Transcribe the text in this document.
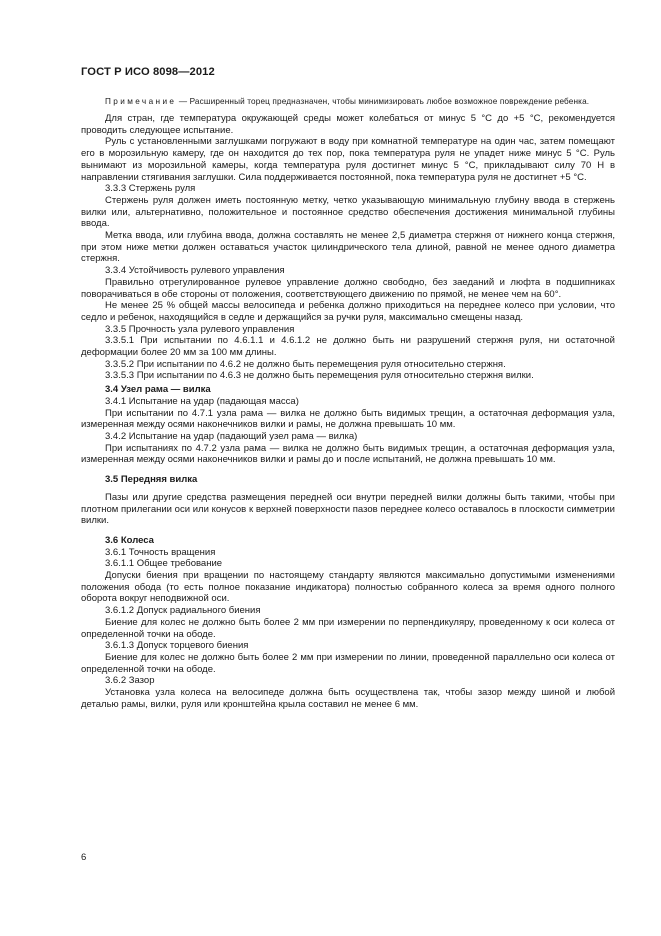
ГОСТ Р ИСО 8098—2012

Примечание — Расширенный торец предназначен, чтобы минимизировать любое возможное повреждение ребенка.

Для стран, где температура окружающей среды может колебаться от минус 5 °С до +5 °С, рекомендуется проводить следующее испытание.

Руль с установленными заглушками погружают в воду при комнатной температуре на один час, затем помещают его в морозильную камеру, где он находится до тех пор, пока температура руля не упадет ниже минус 5 °С. Руль вынимают из морозильной камеры, когда температура руля достигнет минус 5 °С, прикладывают силу 70 Н в направлении стягивания заглушки. Сила поддерживается постоянной, пока температура руля не достигнет +5 °С.

3.3.3 Стержень руля

Стержень руля должен иметь постоянную метку, четко указывающую минимальную глубину ввода в стержень вилки или, альтернативно, положительное и постоянное средство обеспечения достижения минимальной глубины ввода.

Метка ввода, или глубина ввода, должна составлять не менее 2,5 диаметра стержня от нижнего конца стержня, при этом ниже метки должен оставаться участок цилиндрического тела длиной, равной не менее одного диаметра стержня.

3.3.4 Устойчивость рулевого управления

Правильно отрегулированное рулевое управление должно свободно, без заеданий и люфта в подшипниках поворачиваться в обе стороны от положения, соответствующего движению по прямой, не менее чем на 60°.

Не менее 25 % общей массы велосипеда и ребенка должно приходиться на переднее колесо при условии, что седло и ребенок, находящийся в седле и держащийся за ручки руля, максимально смещены назад.

3.3.5 Прочность узла рулевого управления

3.3.5.1 При испытании по 4.6.1.1 и 4.6.1.2 не должно быть ни разрушений стержня руля, ни остаточной деформации более 20 мм за 100 мм длины.

3.3.5.2 При испытании по 4.6.2 не должно быть перемещения руля относительно стержня.

3.3.5.3 При испытании по 4.6.3 не должно быть перемещения руля относительно стержня вилки.

3.4 Узел рама — вилка

3.4.1 Испытание на удар (падающая масса)

При испытании по 4.7.1 узла рама — вилка не должно быть видимых трещин, а остаточная деформация узла, измеренная между осями наконечников вилки и рамы, не должна превышать 10 мм.

3.4.2 Испытание на удар (падающий узел рама — вилка)

При испытаниях по 4.7.2 узла рама — вилка не должно быть видимых трещин, а остаточная деформация узла, измеренная между осями наконечников вилки и рамы до и после испытаний, не должна превышать 10 мм.

3.5 Передняя вилка

Пазы или другие средства размещения передней оси внутри передней вилки должны быть такими, чтобы при плотном прилегании оси или конусов к верхней поверхности пазов переднее колесо оставалось в плоскости симметрии вилки.

3.6 Колеса

3.6.1 Точность вращения

3.6.1.1 Общее требование

Допуски биения при вращении по настоящему стандарту являются максимально допустимыми изменениями положения обода (то есть полное показание индикатора) полностью собранного колеса за время одного полного оборота вокруг неподвижной оси.

3.6.1.2 Допуск радиального биения

Биение для колес не должно быть более 2 мм при измерении по перпендикуляру, проведенному к оси колеса от определенной точки на ободе.

3.6.1.3 Допуск торцевого биения

Биение для колес не должно быть более 2 мм при измерении по линии, проведенной параллельно оси колеса от определенной точки на ободе.

3.6.2 Зазор

Установка узла колеса на велосипеде должна быть осуществлена так, чтобы зазор между шиной и любой деталью рамы, вилки, руля или кронштейна крыла составил не менее 6 мм.

6
